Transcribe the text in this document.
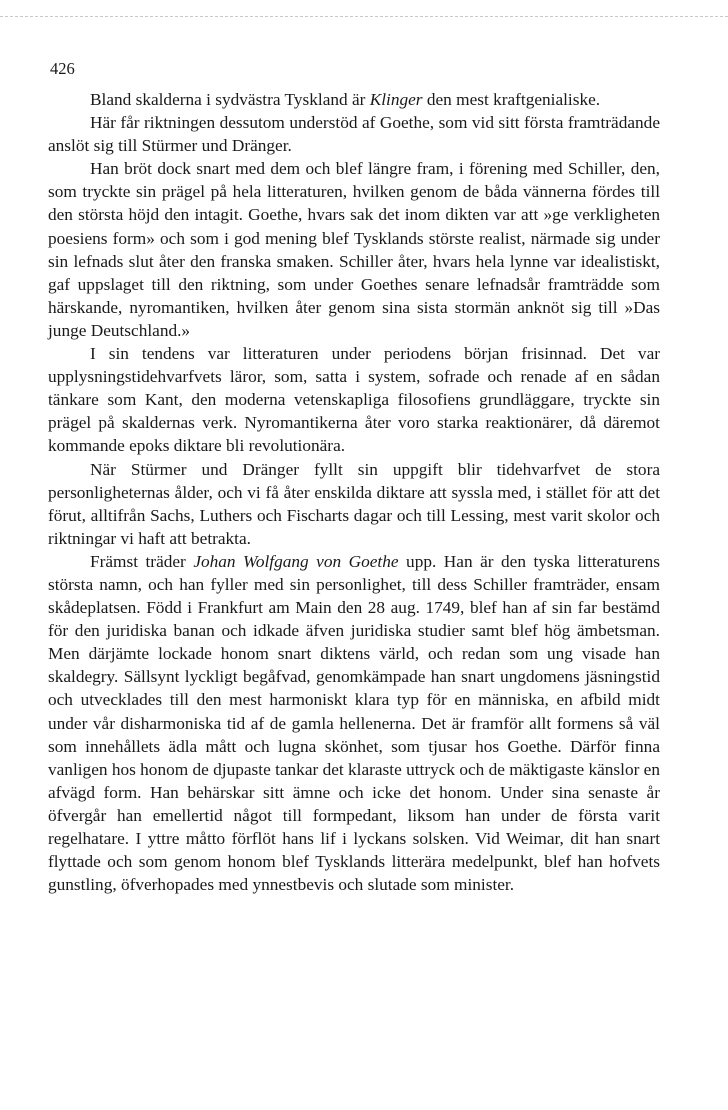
426

Bland skalderna i sydvästra Tyskland är Klinger den mest kraftgenialiske.

Här får riktningen dessutom understöd af Goethe, som vid sitt första framträdande anslöt sig till Stürmer und Dränger.

Han bröt dock snart med dem och blef längre fram, i förening med Schiller, den, som tryckte sin prägel på hela litteraturen, hvilken genom de båda vännerna fördes till den största höjd den intagit. Goethe, hvars sak det inom dikten var att »ge verkligheten poesiens form» och som i god mening blef Tysklands störste realist, närmade sig under sin lefnads slut åter den franska smaken. Schiller åter, hvars hela lynne var idealistiskt, gaf uppslaget till den riktning, som under Goethes senare lefnadsår framträdde som härskande, nyromantiken, hvilken åter genom sina sista stormän anknöt sig till »Das junge Deutschland.»

I sin tendens var litteraturen under periodens början frisinnad. Det var upplysningstidehvarfvets läror, som, satta i system, sofrade och renade af en sådan tänkare som Kant, den moderna vetenskapliga filosofiens grundläggare, tryckte sin prägel på skaldernas verk. Nyromantikerna åter voro starka reaktionärer, då däremot kommande epoks diktare bli revolutionära.

När Stürmer und Dränger fyllt sin uppgift blir tidehvarfvet de stora personligheternas ålder, och vi få åter enskilda diktare att syssla med, i stället för att det förut, alltifrån Sachs, Luthers och Fischarts dagar och till Lessing, mest varit skolor och riktningar vi haft att betrakta.

Främst träder Johan Wolfgang von Goethe upp. Han är den tyska litteraturens största namn, och han fyller med sin personlighet, till dess Schiller framträder, ensam skådeplatsen. Född i Frankfurt am Main den 28 aug. 1749, blef han af sin far bestämd för den juridiska banan och idkade äfven juridiska studier samt blef hög ämbetsman. Men därjämte lockade honom snart diktens värld, och redan som ung visade han skaldegry. Sällsynt lyckligt begåfvad, genomkämpade han snart ungdomens jäsningstid och utvecklades till den mest harmoniskt klara typ för en människa, en afbild midt under vår disharmoniska tid af de gamla hellenerna. Det är framför allt formens så väl som innehållets ädla mått och lugna skönhet, som tjusar hos Goethe. Därför finna vanligen hos honom de djupaste tankar det klaraste uttryck och de mäktigaste känslor en afvägd form. Han behärskar sitt ämne och icke det honom. Under sina senaste år öfvergår han emellertid något till formpedant, liksom han under de första varit regelhatare. I yttre måtto förflöt hans lif i lyckans solsken. Vid Weimar, dit han snart flyttade och som genom honom blef Tysklands litterära medelpunkt, blef han hofvets gunstling, öfverhopades med ynnestbevis och slutade som minister.
